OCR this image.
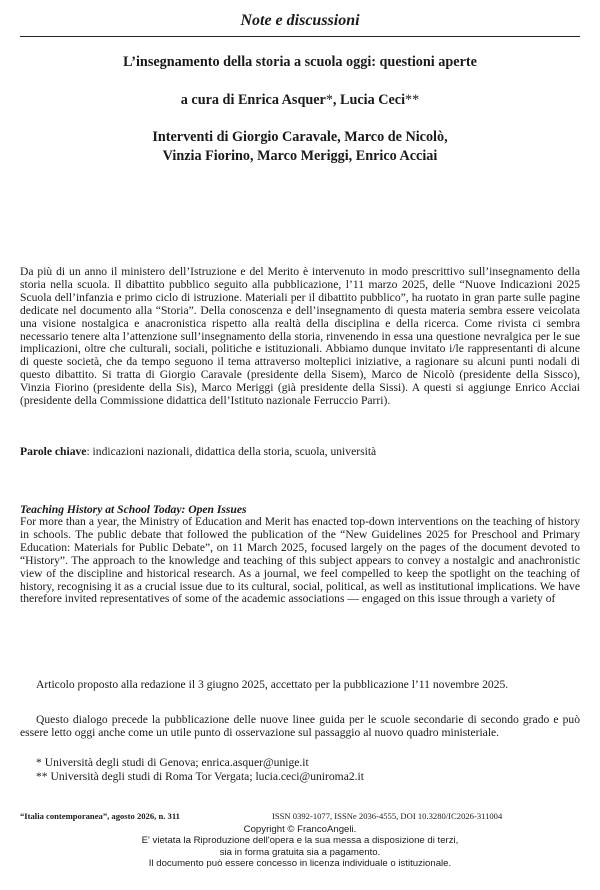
Note e discussioni
L’insegnamento della storia a scuola oggi: questioni aperte
a cura di Enrica Asquer*, Lucia Ceci**
Interventi di Giorgio Caravale, Marco de Nicolò,
Vinzia Fiorino, Marco Meriggi, Enrico Acciai

Da più di un anno il ministero dell’Istruzione e del Merito è intervenuto in modo prescrittivo sull’insegnamento della storia nella scuola. Il dibattito pubblico seguito alla pubblicazione, l’11 marzo 2025, delle “Nuove Indicazioni 2025 Scuola dell’infanzia e primo ciclo di istruzione. Materiali per il dibattito pubblico”, ha ruotato in gran parte sulle pagine dedicate nel documento alla “Storia”. Della conoscenza e dell’insegnamento di questa materia sembra essere veicolata una visione nostalgica e anacronistica rispetto alla realtà della disciplina e della ricerca. Come rivista ci sembra necessario tenere alta l’attenzione sull’insegnamento della storia, rinvenendo in essa una questione nevralgica per le sue implicazioni, oltre che culturali, sociali, politiche e istituzionali. Abbiamo dunque invitato i/le rappresentanti di alcune di queste società, che da tempo seguono il tema attraverso molteplici iniziative, a ragionare su alcuni punti nodali di questo dibattito. Si tratta di Giorgio Caravale (presidente della Sisem), Marco de Nicolò (presidente della Sissco), Vinzia Fiorino (presidente della Sis), Marco Meriggi (già presidente della Sissi). A questi si aggiunge Enrico Acciai (presidente della Commissione didattica dell’Istituto nazionale Ferruccio Parri).

Parole chiave: indicazioni nazionali, didattica della storia, scuola, università

Teaching History at School Today: Open Issues

For more than a year, the Ministry of Education and Merit has enacted top-down interventions on the teaching of history in schools. The public debate that followed the publication of the “New Guidelines 2025 for Preschool and Primary Education: Materials for Public Debate”, on 11 March 2025, focused largely on the pages of the document devoted to “History”. The approach to the knowledge and teaching of this subject appears to convey a nostalgic and anachronistic view of the discipline and historical research. As a journal, we feel compelled to keep the spotlight on the teaching of history, recognising it as a crucial issue due to its cultural, social, political, as well as institutional implications. We have therefore invited representatives of some of the academic associations — engaged on this issue through a variety of

Articolo proposto alla redazione il 3 giugno 2025, accettato per la pubblicazione l’11 novembre 2025.

Questo dialogo precede la pubblicazione delle nuove linee guida per le scuole secondarie di secondo grado e può essere letto oggi anche come un utile punto di osservazione sul passaggio al nuovo quadro ministeriale.

* Università degli studi di Genova; enrica.asquer@unige.it

** Università degli studi di Roma Tor Vergata; lucia.ceci@uniroma2.it

“Italia contemporanea”, agosto 2026, n. 311	ISSN 0392-1077, ISSNe 2036-4555, DOI 10.3280/IC2026-311004
Copyright © FrancoAngeli.
E' vietata la Riproduzione dell'opera e la sua messa a disposizione di terzi,
sia in forma gratuita sia a pagamento.
Il documento può essere concesso in licenza individuale o istituzionale.
